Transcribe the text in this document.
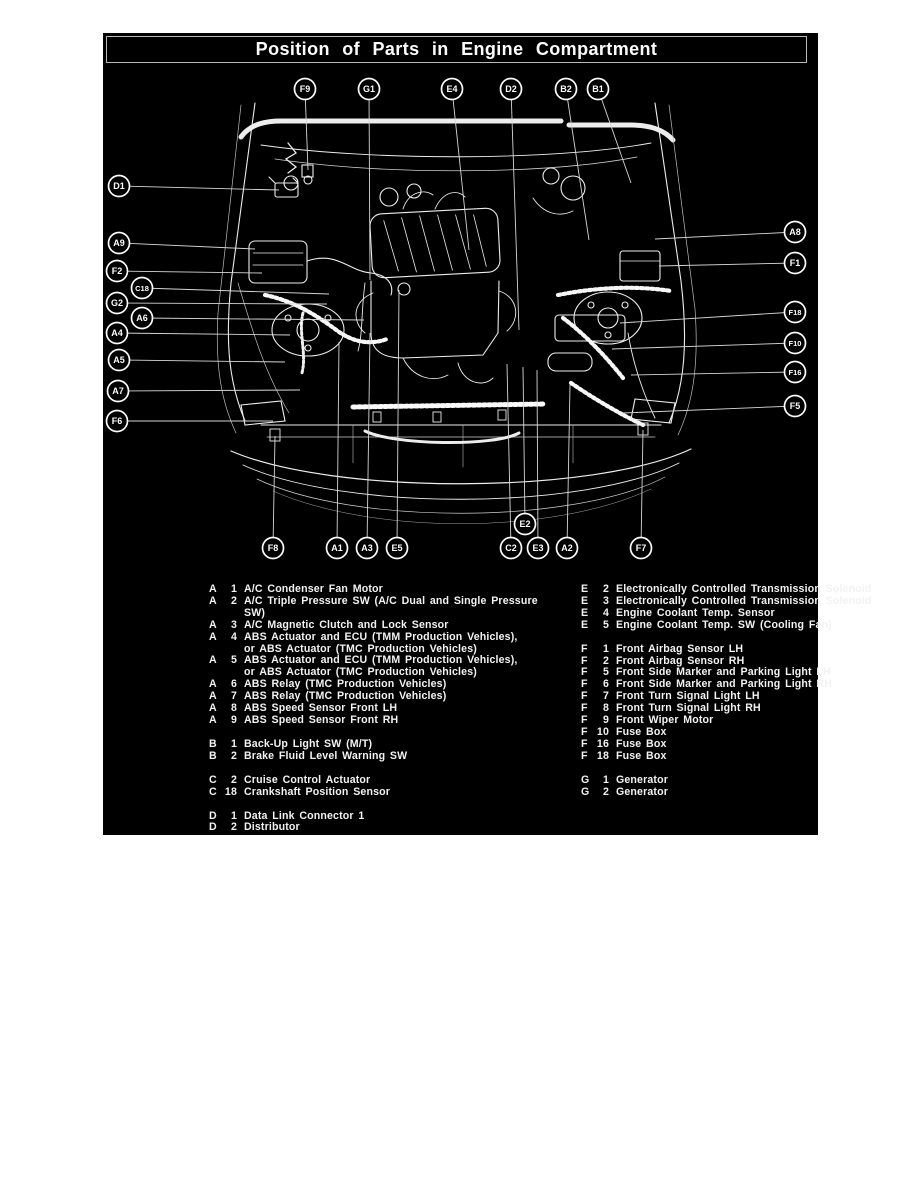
Position of Parts in Engine Compartment
F9	G1	E4	D2	B2 B1
D1
A9
F2
C18
G2
A6
A4
A5
A7
F6
A8
F1
F18
F10
F16
F5
F8	A1 A3 E5
E2
C2 E3 A2	F7
A	1 A/C Condenser Fan Motor
A	2 A/C Triple Pressure SW (A/C Dual and Single Pressure
SW)
A	3 A/C Magnetic Clutch and Lock Sensor
A	4 ABS Actuator and ECU (TMM Production Vehicles),
or ABS Actuator (TMC Production Vehicles)
A	5 ABS Actuator and ECU (TMM Production Vehicles),
or ABS Actuator (TMC Production Vehicles)
A	6 ABS Relay (TMC Production Vehicles)
A	7 ABS Relay (TMC Production Vehicles)
A	8 ABS Speed Sensor Front LH
A	9 ABS Speed Sensor Front RH
B	1 Back-Up Light SW (M/T)
B	2 Brake Fluid Level Warning SW
C	2 Cruise Control Actuator
C 18 Crankshaft Position Sensor
D	1 Data Link Connector 1
D	2 Distributor
E	2 Electronically Controlled Transmission Solenoid
E	3 Electronically Controlled Transmission Solenoid
E	4 Engine Coolant Temp. Sensor
E	5 Engine Coolant Temp. SW (Cooling Fan)
F	1 Front Airbag Sensor LH
F	2 Front Airbag Sensor RH
F	5 Front Side Marker and Parking Light LH
F	6 Front Side Marker and Parking Light RH
F	7 Front Turn Signal Light LH
F	8 Front Turn Signal Light RH
F	9 Front Wiper Motor
F 10 Fuse Box
F 16 Fuse Box
F 18 Fuse Box
G	1 Generator
G	2 Generator
